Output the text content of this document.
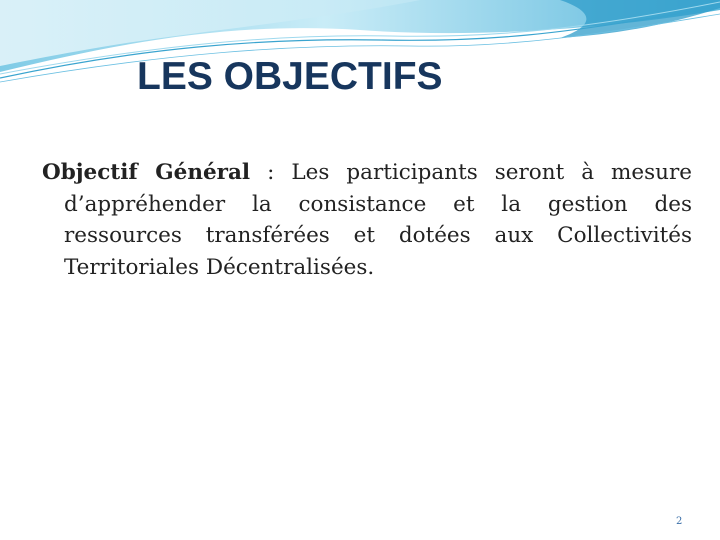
LES OBJECTIFS

Objectif Général : Les participants seront à mesure d’appréhender la consistance et la gestion des ressources transférées et dotées aux Collectivités Territoriales Décentralisées.

2
